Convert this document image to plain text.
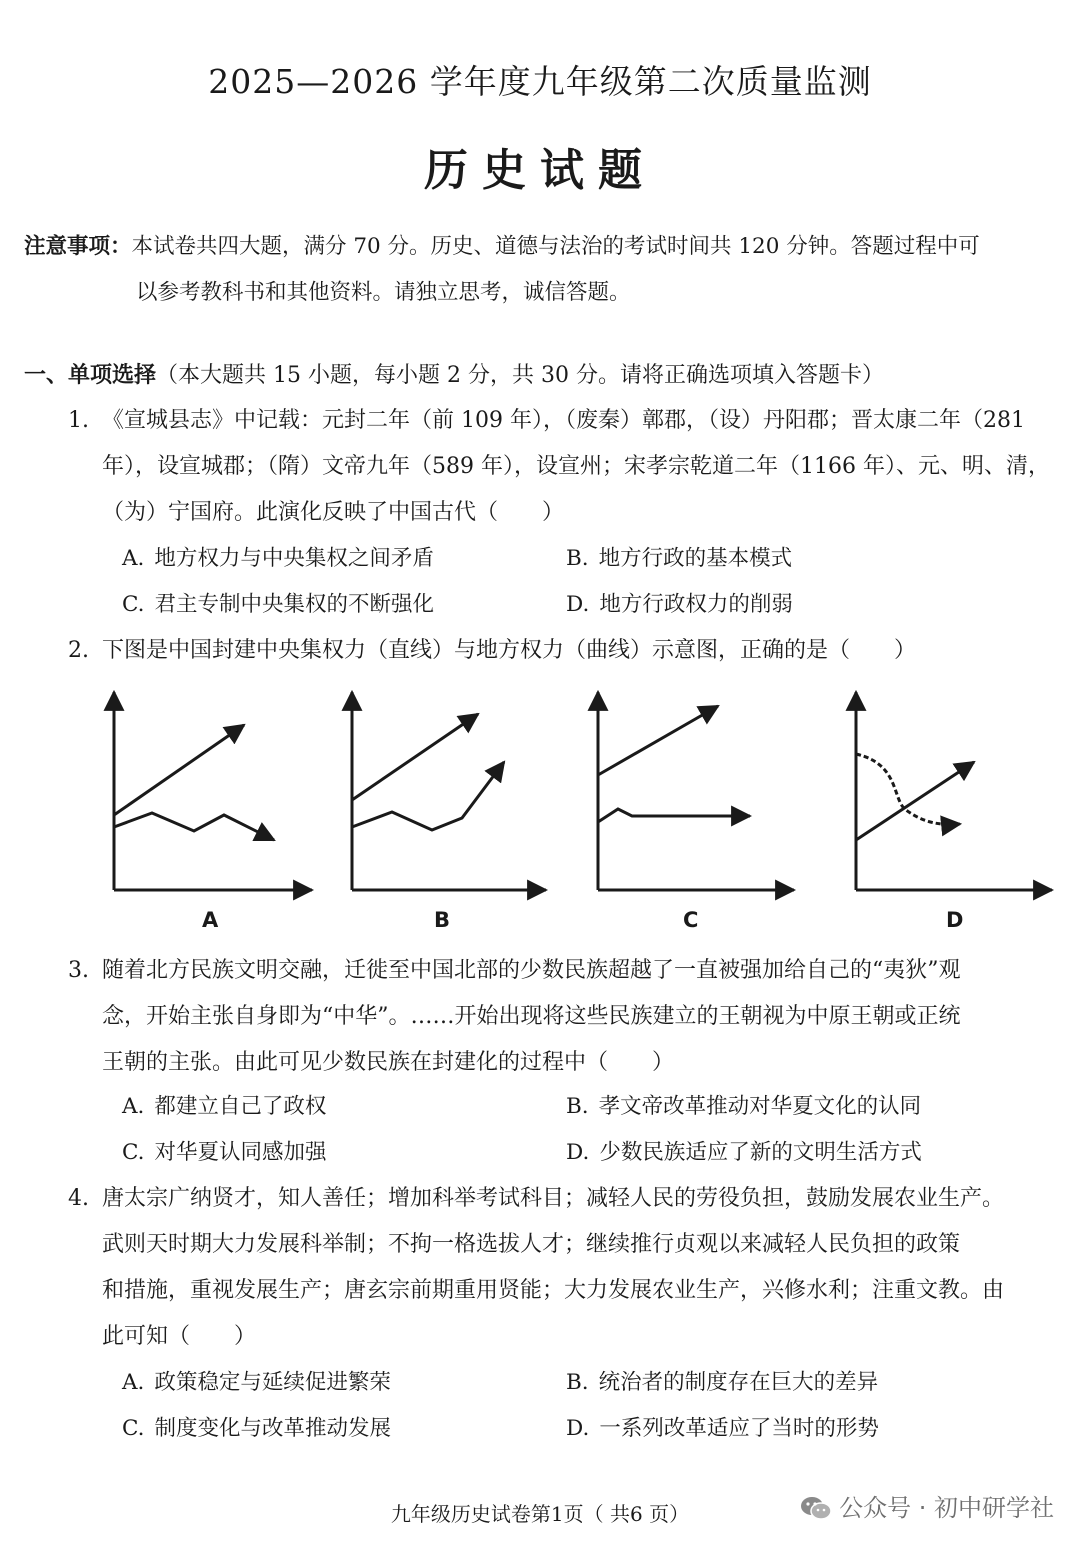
2025—2026 学年度九年级第二次质量监测
历史试题
注意事项：本试卷共四大题，满分 70 分。历史、道德与法治的考试时间共 120 分钟。答题过程中可
以参考教科书和其他资料。请独立思考，诚信答题。
一、单项选择（本大题共 15 小题，每小题 2 分，共 30 分。请将正确选项填入答题卡）
1. 《宣城县志》中记载：元封二年（前 109 年），（废秦）鄣郡，（设）丹阳郡；晋太康二年（281
年），设宣城郡；（隋）文帝九年（589 年），设宣州；宋孝宗乾道二年（1166 年）、元、明、清，
（为）宁国府。此演化反映了中国古代（　　）
A. 地方权力与中央集权之间矛盾	B. 地方行政的基本模式
C. 君主专制中央集权的不断强化	D. 地方行政权力的削弱
2. 下图是中国封建中央集权力（直线）与地方权力（曲线）示意图，正确的是（　　）
A	B	C	D
3. 随着北方民族文明交融，迁徙至中国北部的少数民族超越了一直被强加给自己的“夷狄”观
念，开始主张自身即为“中华”。……开始出现将这些民族建立的王朝视为中原王朝或正统
王朝的主张。由此可见少数民族在封建化的过程中（　　）
A. 都建立自己了政权	B. 孝文帝改革推动对华夏文化的认同
C. 对华夏认同感加强	D. 少数民族适应了新的文明生活方式
4. 唐太宗广纳贤才，知人善任；增加科举考试科目；减轻人民的劳役负担，鼓励发展农业生产。
武则天时期大力发展科举制；不拘一格选拔人才；继续推行贞观以来减轻人民负担的政策
和措施，重视发展生产；唐玄宗前期重用贤能；大力发展农业生产，兴修水利；注重文教。由
此可知（　　）
A. 政策稳定与延续促进繁荣	B. 统治者的制度存在巨大的差异
C. 制度变化与改革推动发展	D. 一系列改革适应了当时的形势
九年级历史试卷第1页（ 共6 页）	公众号 · 初中研学社
